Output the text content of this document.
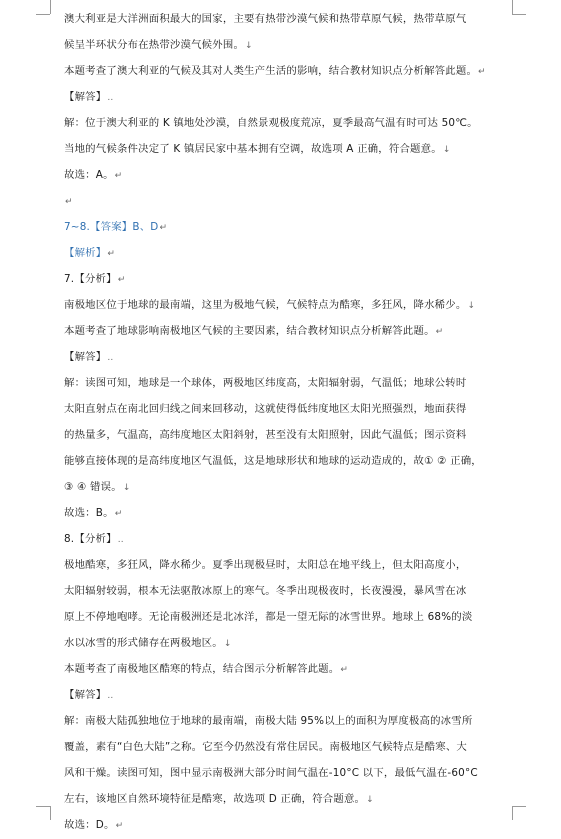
澳大利亚是大洋洲面积最大的国家，主要有热带沙漠气候和热带草原气候，热带草原气
候呈半环状分布在热带沙漠气候外围。↓
本题考查了澳大利亚的气候及其对人类生产生活的影响，结合教材知识点分析解答此题。↵
【解答】..
解：位于澳大利亚的 K 镇地处沙漠，自然景观极度荒凉，夏季最高气温有时可达 50℃。
当地的气候条件决定了 K 镇居民家中基本拥有空调，故选项 A 正确，符合题意。↓
故选：A。↵
↵
7~8.【答案】B、D↵
【解析】↵
7.【分析】↵
南极地区位于地球的最南端，这里为极地气候，气候特点为酷寒，多狂风，降水稀少。↓
本题考查了地球影响南极地区气候的主要因素，结合教材知识点分析解答此题。↵
【解答】..
解：读图可知，地球是一个球体，两极地区纬度高，太阳辐射弱，气温低；地球公转时
太阳直射点在南北回归线之间来回移动，这就使得低纬度地区太阳光照强烈，地面获得
的热量多，气温高，高纬度地区太阳斜射，甚至没有太阳照射，因此气温低；图示资料
能够直接体现的是高纬度地区气温低，这是地球形状和地球的运动造成的，故① ② 正确，
③ ④ 错误。↓
故选：B。↵
8.【分析】..
极地酷寒，多狂风，降水稀少。夏季出现极昼时，太阳总在地平线上，但太阳高度小，
太阳辐射较弱，根本无法驱散冰原上的寒气。冬季出现极夜时，长夜漫漫，暴风雪在冰
原上不停地咆哮。无论南极洲还是北冰洋，都是一望无际的冰雪世界。地球上 68%的淡
水以冰雪的形式储存在两极地区。↓
本题考查了南极地区酷寒的特点，结合图示分析解答此题。↵
【解答】..
解：南极大陆孤独地位于地球的最南端，南极大陆 95%以上的面积为厚度极高的冰雪所
覆盖，素有“白色大陆”之称。它至今仍然没有常住居民。南极地区气候特点是酷寒、大
风和干燥。读图可知，图中显示南极洲大部分时间气温在-10°C 以下，最低气温在-60°C
左右，该地区自然环境特征是酷寒，故选项 D 正确，符合题意。↓
故选：D。↵
